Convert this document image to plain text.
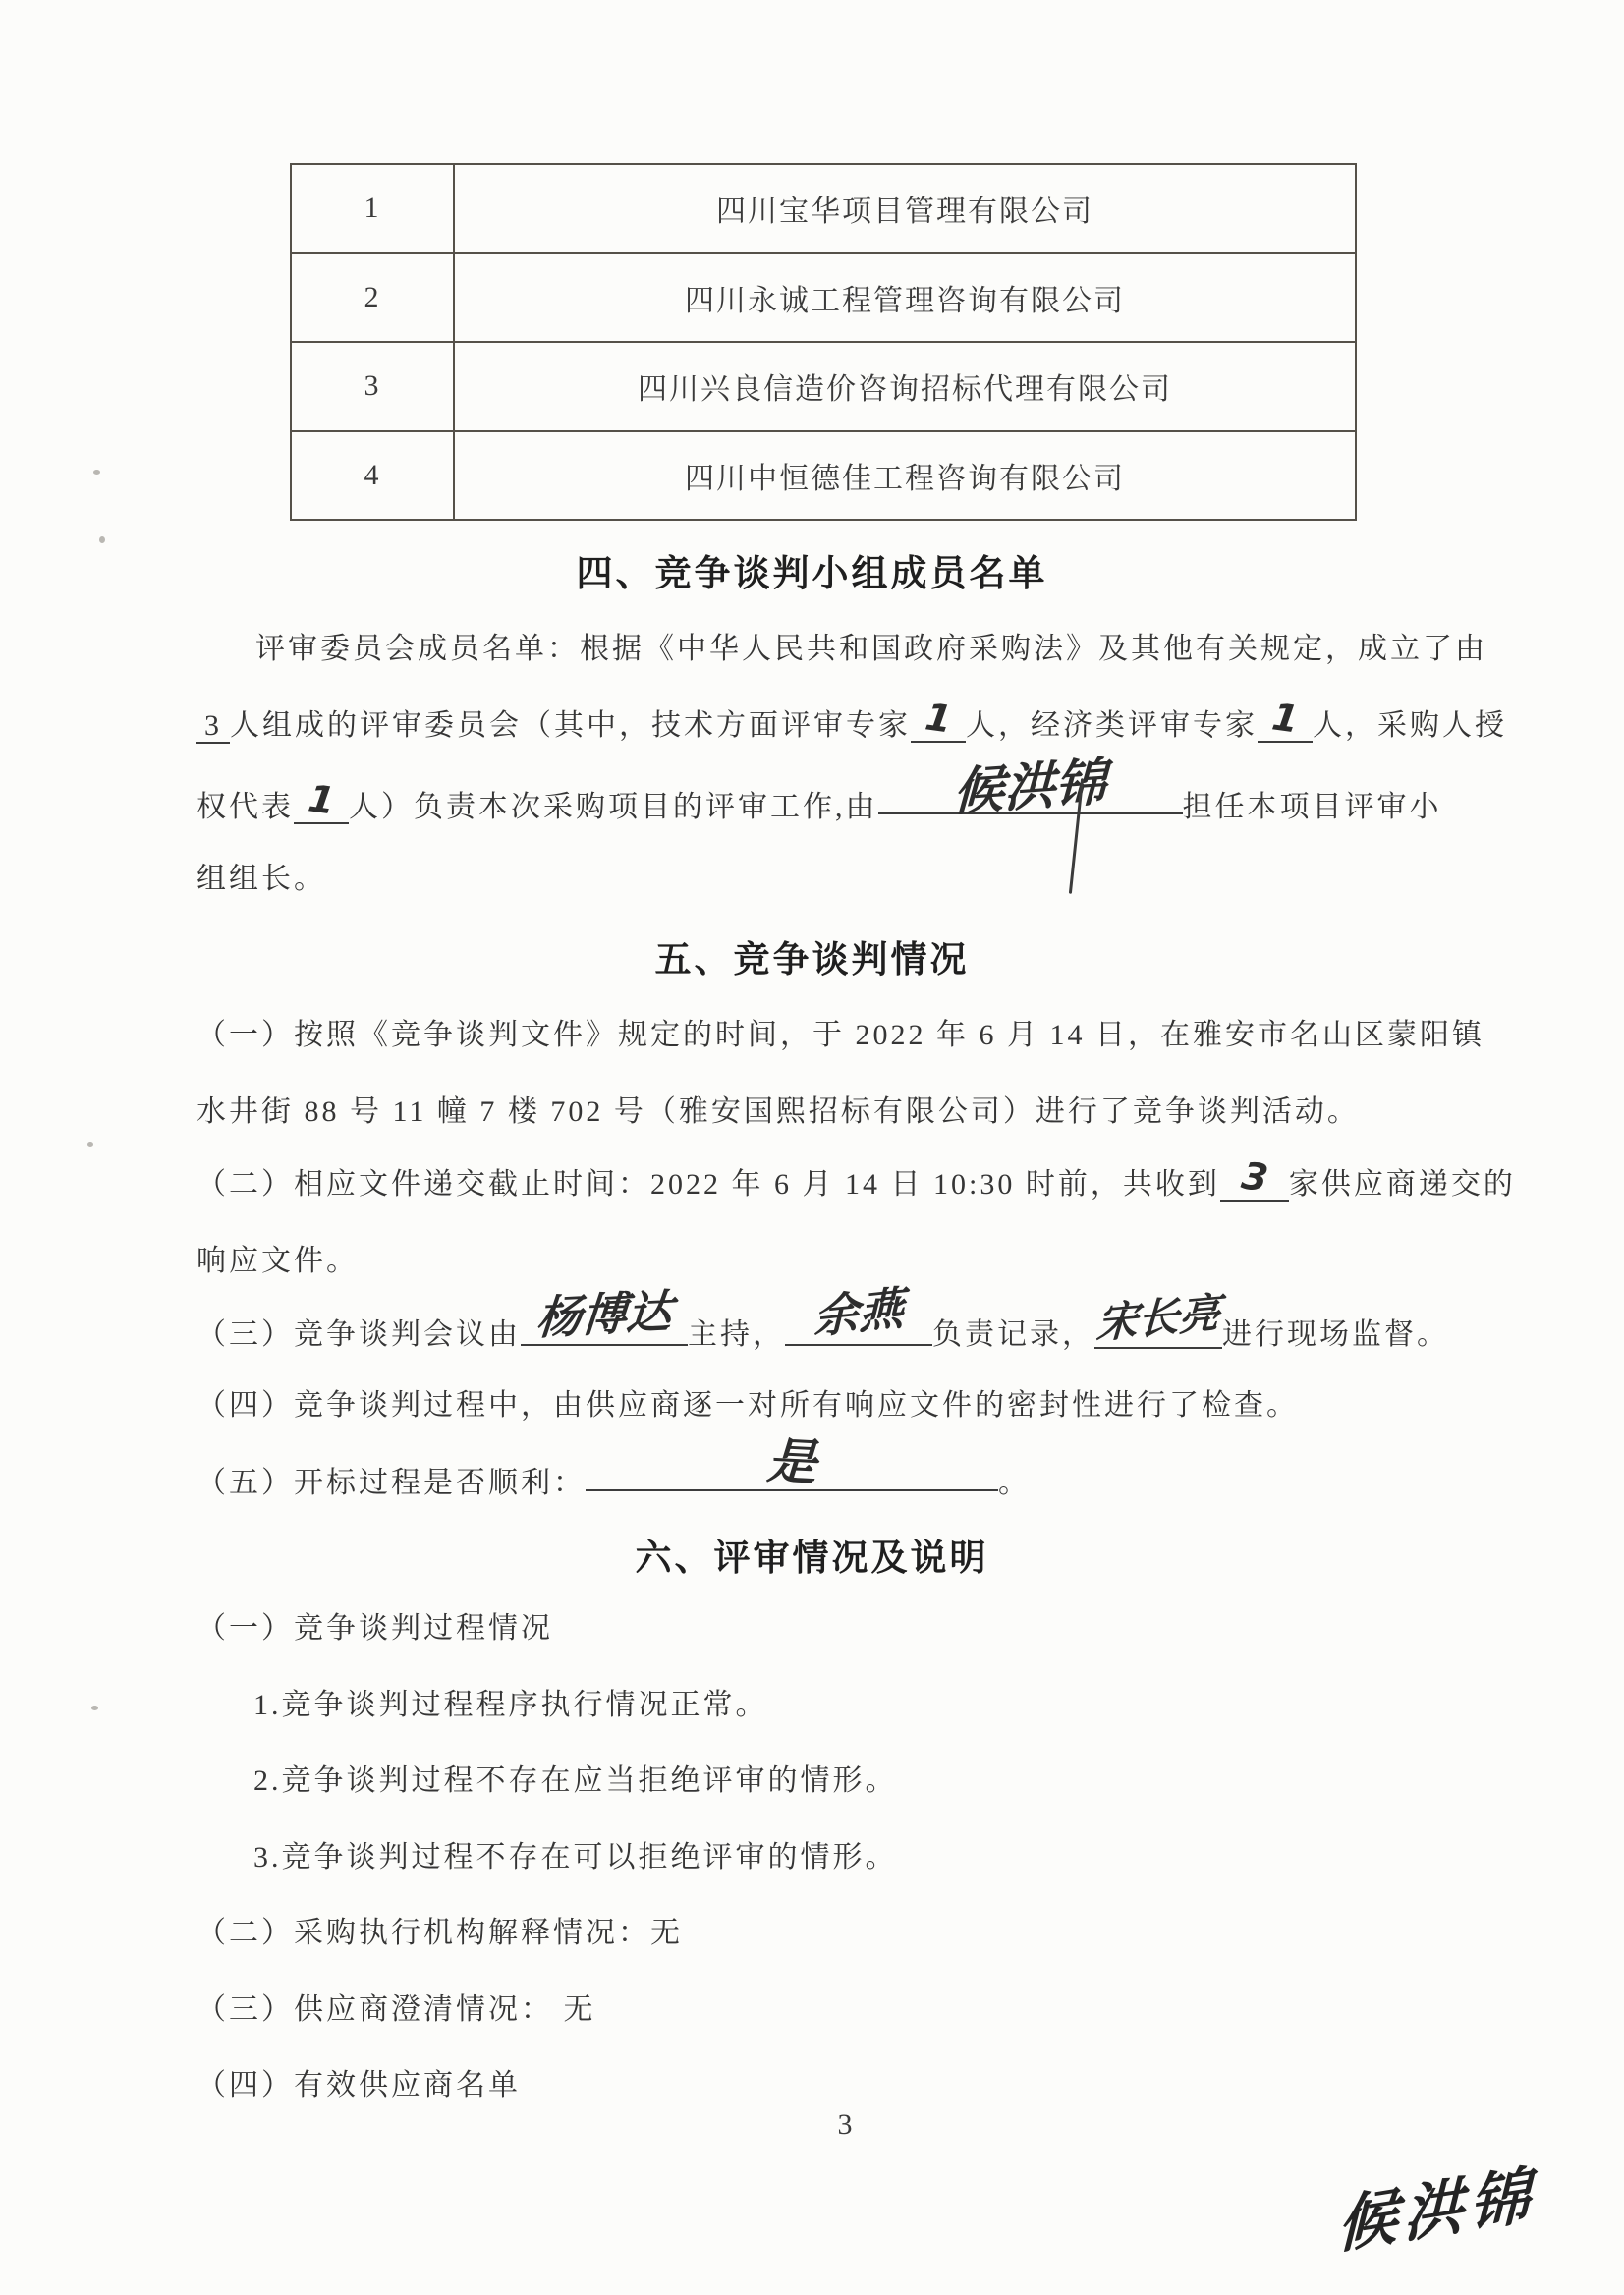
1	四川宝华项目管理有限公司
2	四川永诚工程管理咨询有限公司
3	四川兴良信造价咨询招标代理有限公司
4	四川中恒德佳工程咨询有限公司
四、竞争谈判小组成员名单
评审委员会成员名单：根据《中华人民共和国政府采购法》及其他有关规定，成立了由
3 人组成的评审委员会（其中，技术方面评审专家 1 人，经济类评审专家 1 人，采购人授
权代表 1 人）负责本次采购项目的评审工作,由 候洪锦	担任本项目评审小
组组长。
五、竞争谈判情况
（一）按照《竞争谈判文件》规定的时间，于 2022 年 6 月 14 日，在雅安市名山区蒙阳镇
水井街 88 号 11 幢 7 楼 702 号（雅安国熙招标有限公司）进行了竞争谈判活动。
（二）相应文件递交截止时间：2022 年 6 月 14 日 10:30 时前，共收到 3 家供应商递交的
响应文件。
（三）竞争谈判会议由 杨博达 主持， 余燕 负责记录，宋长亮进行现场监督。
（四）竞争谈判过程中，由供应商逐一对所有响应文件的密封性进行了检查。
（五）开标过程是否顺利：	是	。
六、评审情况及说明
（一）竞争谈判过程情况
1.竞争谈判过程程序执行情况正常。
2.竞争谈判过程不存在应当拒绝评审的情形。
3.竞争谈判过程不存在可以拒绝评审的情形。
（二）采购执行机构解释情况：无
（三）供应商澄清情况： 无
（四）有效供应商名单
3
候洪锦
